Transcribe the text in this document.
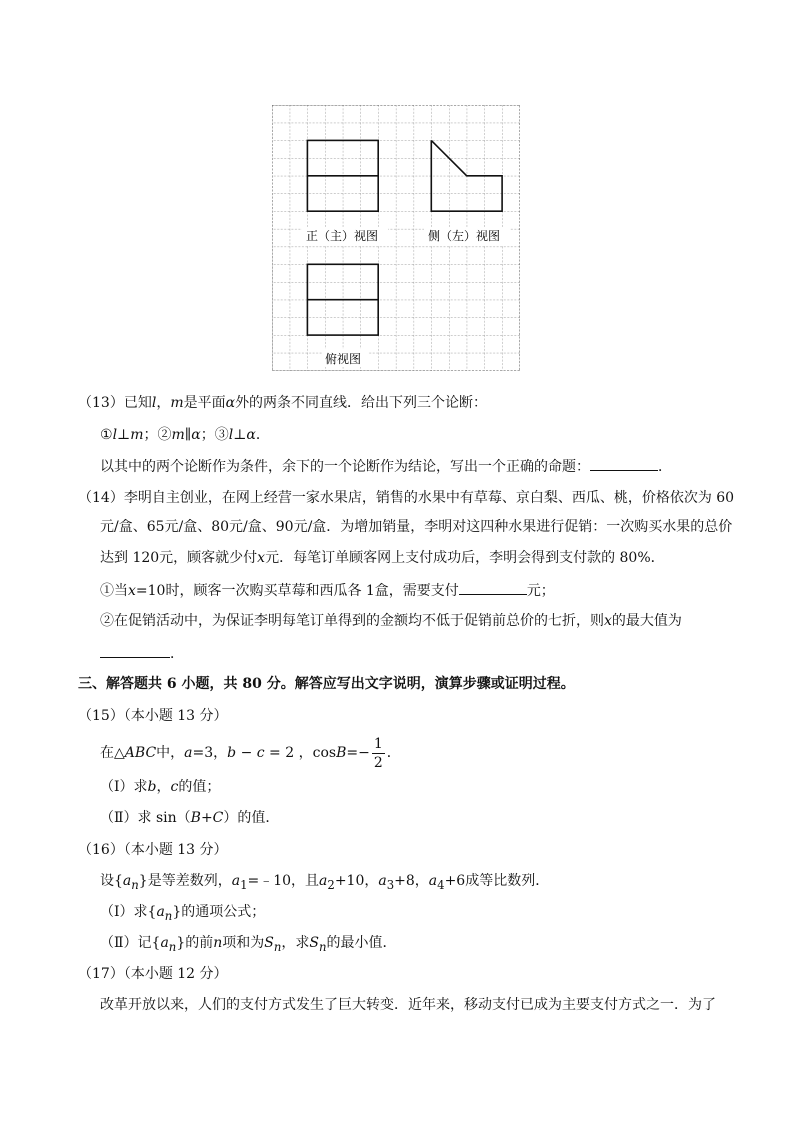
正（主）视图	侧（左）视图
俯视图
（13）已知l，m是平面α外的两条不同直线．给出下列三个论断：
①l⊥m；②m∥α；③l⊥α．
以其中的两个论断作为条件，余下的一个论断作为结论，写出一个正确的命题：	．
（14）李明自主创业，在网上经营一家水果店，销售的水果中有草莓、京白梨、西瓜、桃，价格依次为 60
元/盒、65元/盒、80元/盒、90元/盒．为增加销量，李明对这四种水果进行促销：一次购买水果的总价
达到 120元，顾客就少付x元．每笔订单顾客网上支付成功后，李明会得到支付款的 80%．
①当x=10时，顾客一次购买草莓和西瓜各 1盒，需要支付	元；
②在促销活动中，为保证李明每笔订单得到的金额均不低于促销前总价的七折，则x的最大值为
．
三、解答题共 6 小题，共 80 分。解答应写出文字说明，演算步骤或证明过程。
（15）（本小题 13 分）
在△ABC中，a=3，b − c = 2 ，$\cos B=- \frac{1}{2}$ ．
（Ⅰ）求b，c的值；
（Ⅱ）求 sin（B+C）的值．
（16）（本小题 13 分）
设$\{a_n\}$是等差数列，$a_1=﹣10$，且$a_2+10$，$a_3+8$，$a_4+6$成等比数列．
（Ⅰ）求$\{a_n\}$的通项公式；
（Ⅱ）记$\{a_n\}$的前n项和为$S_n$，求$S_n$的最小值．
（17）（本小题 12 分）
改革开放以来，人们的支付方式发生了巨大转变．近年来，移动支付已成为主要支付方式之一．为了
